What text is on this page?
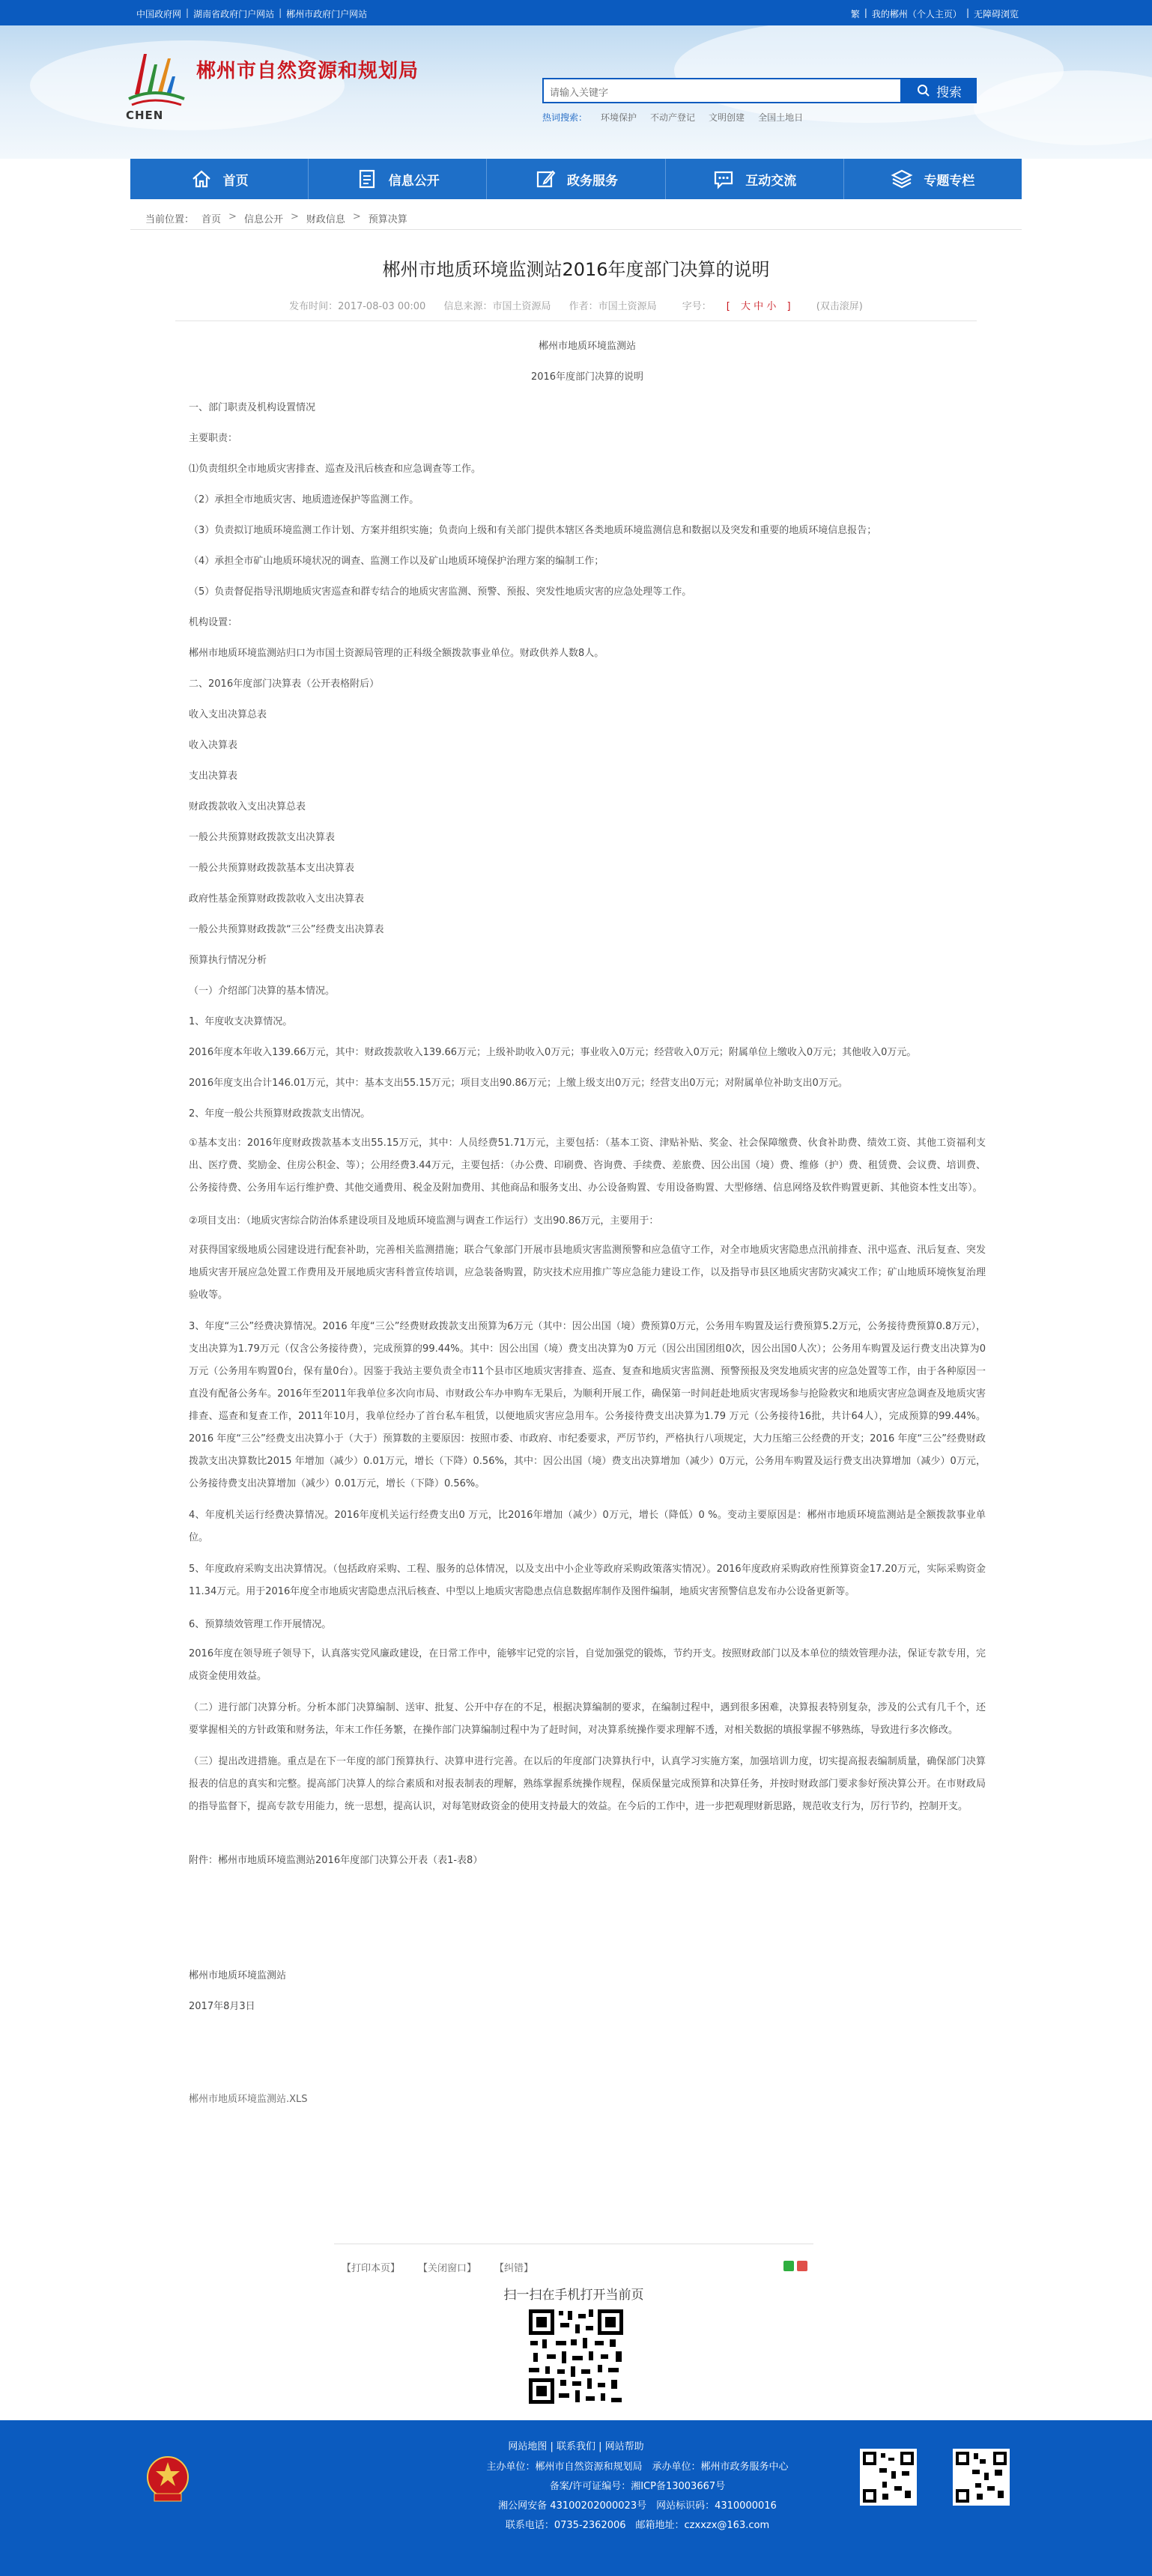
中国政府网 | 湖南省政府门户网站 | 郴州市政府门户网站	繁 | 我的郴州（个人主页） | 无障碍浏览
CHEN
郴州市自然资源和规划局
请输入关键字
搜索
热词搜索： 环境保护 不动产登记 文明创建 全国土地日
首页	信息公开	政务服务	互动交流	专题专栏
当前位置： 首页 > 信息公开 > 财政信息 > 预算决算
郴州市地质环境监测站2016年度部门决算的说明
发布时间：2017-08-03 00:00 信息来源：市国土资源局 作者：市国土资源局	字号： [ 大 中 小 ]	(双击滚屏)

郴州市地质环境监测站

2016年度部门决算的说明

一、部门职责及机构设置情况

主要职责：

⑴负责组织全市地质灾害排查、巡查及汛后核查和应急调查等工作。

（2）承担全市地质灾害、地质遗迹保护等监测工作。

（3）负责拟订地质环境监测工作计划、方案并组织实施；负责向上级和有关部门提供本辖区各类地质环境监测信息和数据以及突发和重要的地质环境信息报告；

（4）承担全市矿山地质环境状况的调查、监测工作以及矿山地质环境保护治理方案的编制工作；

（5）负责督促指导汛期地质灾害巡查和群专结合的地质灾害监测、预警、预报、突发性地质灾害的应急处理等工作。

机构设置：

郴州市地质环境监测站归口为市国土资源局管理的正科级全额拨款事业单位。财政供养人数8人。

二、2016年度部门决算表（公开表格附后）

收入支出决算总表

收入决算表

支出决算表

财政拨款收入支出决算总表

一般公共预算财政拨款支出决算表

一般公共预算财政拨款基本支出决算表

政府性基金预算财政拨款收入支出决算表

一般公共预算财政拨款“三公”经费支出决算表

预算执行情况分析

（一）介绍部门决算的基本情况。

1、年度收支决算情况。

2016年度本年收入139.66万元，其中：财政拨款收入139.66万元；上级补助收入0万元；事业收入0万元；经营收入0万元；附属单位上缴收入0万元；其他收入0万元。

2016年度支出合计146.01万元，其中：基本支出55.15万元；项目支出90.86万元；上缴上级支出0万元；经营支出0万元；对附属单位补助支出0万元。

2、年度一般公共预算财政拨款支出情况。

①基本支出：2016年度财政拨款基本支出55.15万元，其中：人员经费51.71万元，主要包括：（基本工资、津贴补贴、奖金、社会保障缴费、伙食补助费、绩效工资、其他工资福利支出、医疗费、奖励金、住房公积金、等）；公用经费3.44万元，主要包括：（办公费、印刷费、咨询费、手续费、差旅费、因公出国（境）费、维修（护）费、租赁费、会议费、培训费、公务接待费、公务用车运行维护费、其他交通费用、税金及附加费用、其他商品和服务支出、办公设备购置、专用设备购置、大型修缮、信息网络及软件购置更新、其他资本性支出等）。

②项目支出：（地质灾害综合防治体系建设项目及地质环境监测与调查工作运行）支出90.86万元，主要用于：

对获得国家级地质公园建设进行配套补助，完善相关监测措施；联合气象部门开展市县地质灾害监测预警和应急值守工作，对全市地质灾害隐患点汛前排查、汛中巡查、汛后复查、突发地质灾害开展应急处置工作费用及开展地质灾害科普宣传培训，应急装备购置，防灾技术应用推广等应急能力建设工作，以及指导市县区地质灾害防灾减灾工作；矿山地质环境恢复治理验收等。

3、年度“三公”经费决算情况。2016 年度“三公”经费财政拨款支出预算为6万元（其中：因公出国（境）费预算0万元，公务用车购置及运行费预算5.2万元，公务接待费预算0.8万元），支出决算为1.79万元（仅含公务接待费），完成预算的99.44%。其中：因公出国（境）费支出决算为0 万元（因公出国团组0次，因公出国0人次）；公务用车购置及运行费支出决算为0 万元（公务用车购置0台，保有量0台）。因鉴于我站主要负责全市11个县市区地质灾害排查、巡查、复查和地质灾害监测、预警预报及突发地质灾害的应急处置等工作，由于各种原因一直没有配备公务车。2016年至2011年我单位多次向市局、市财政公车办申购车无果后，为顺利开展工作，确保第一时间赶赴地质灾害现场参与抢险救灾和地质灾害应急调查及地质灾害排查、巡查和复查工作，2011年10月，我单位经办了首台私车租赁，以便地质灾害应急用车。公务接待费支出决算为1.79 万元（公务接待16批，共计64人），完成预算的99.44%。2016 年度“三公”经费支出决算小于（大于）预算数的主要原因：按照市委、市政府、市纪委要求，严厉节约，严格执行八项规定，大力压缩三公经费的开支；2016 年度“三公”经费财政拨款支出决算数比2015 年增加（减少）0.01万元，增长（下降）0.56%，其中：因公出国（境）费支出决算增加（减少）0万元，公务用车购置及运行费支出决算增加（减少）0万元，公务接待费支出决算增加（减少）0.01万元，增长（下降）0.56%。

4、年度机关运行经费决算情况。2016年度机关运行经费支出0 万元，比2016年增加（减少）0万元，增长（降低）0 %。变动主要原因是：郴州市地质环境监测站是全额拨款事业单位。

5、年度政府采购支出决算情况。（包括政府采购、工程、服务的总体情况，以及支出中小企业等政府采购政策落实情况）。2016年度政府采购政府性预算资金17.20万元，实际采购资金11.34万元。用于2016年度全市地质灾害隐患点汛后核查、中型以上地质灾害隐患点信息数据库制作及图件编制，地质灾害预警信息发布办公设备更新等。

6、预算绩效管理工作开展情况。

2016年度在领导班子领导下，认真落实党风廉政建设，在日常工作中，能够牢记党的宗旨，自觉加强党的锻炼，节约开支。按照财政部门以及本单位的绩效管理办法，保证专款专用，完成资金使用效益。

（二）进行部门决算分析。分析本部门决算编制、送审、批复、公开中存在的不足，根据决算编制的要求，在编制过程中，遇到很多困难，决算报表特别复杂，涉及的公式有几千个，还要掌握相关的方针政策和财务法，年末工作任务繁，在操作部门决算编制过程中为了赶时间，对决算系统操作要求理解不透，对相关数据的填报掌握不够熟练，导致进行多次修改。

（三）提出改进措施。重点是在下一年度的部门预算执行、决算申进行完善。在以后的年度部门决算执行中，认真学习实施方案，加强培训力度，切实提高报表编制质量，确保部门决算报表的信息的真实和完整。提高部门决算人的综合素质和对报表制表的理解，熟练掌握系统操作规程，保质保量完成预算和决算任务，并按时财政部门要求参好预决算公开。在市财政局的指导监督下，提高专款专用能力，统一思想，提高认识，对每笔财政资金的使用支持最大的效益。在今后的工作中，进一步把观理财新思路，规范收支行为，厉行节约，控制开支。

附件：郴州市地质环境监测站2016年度部门决算公开表（表1-表8）

郴州市地质环境监测站

2017年8月3日

郴州市地质环境监测站.XLS

【打印本页】 【关闭窗口】 【纠错】
扫一扫在手机打开当前页
网站地图 | 联系我们 | 网站帮助
主办单位：郴州市自然资源和规划局　承办单位：郴州市政务服务中心
备案/许可证编号：湘ICP备13003667号
湘公网安备 43100202000023号　网站标识码：4310000016
联系电话：0735-2362006　邮箱地址：czxxzx@163.com
